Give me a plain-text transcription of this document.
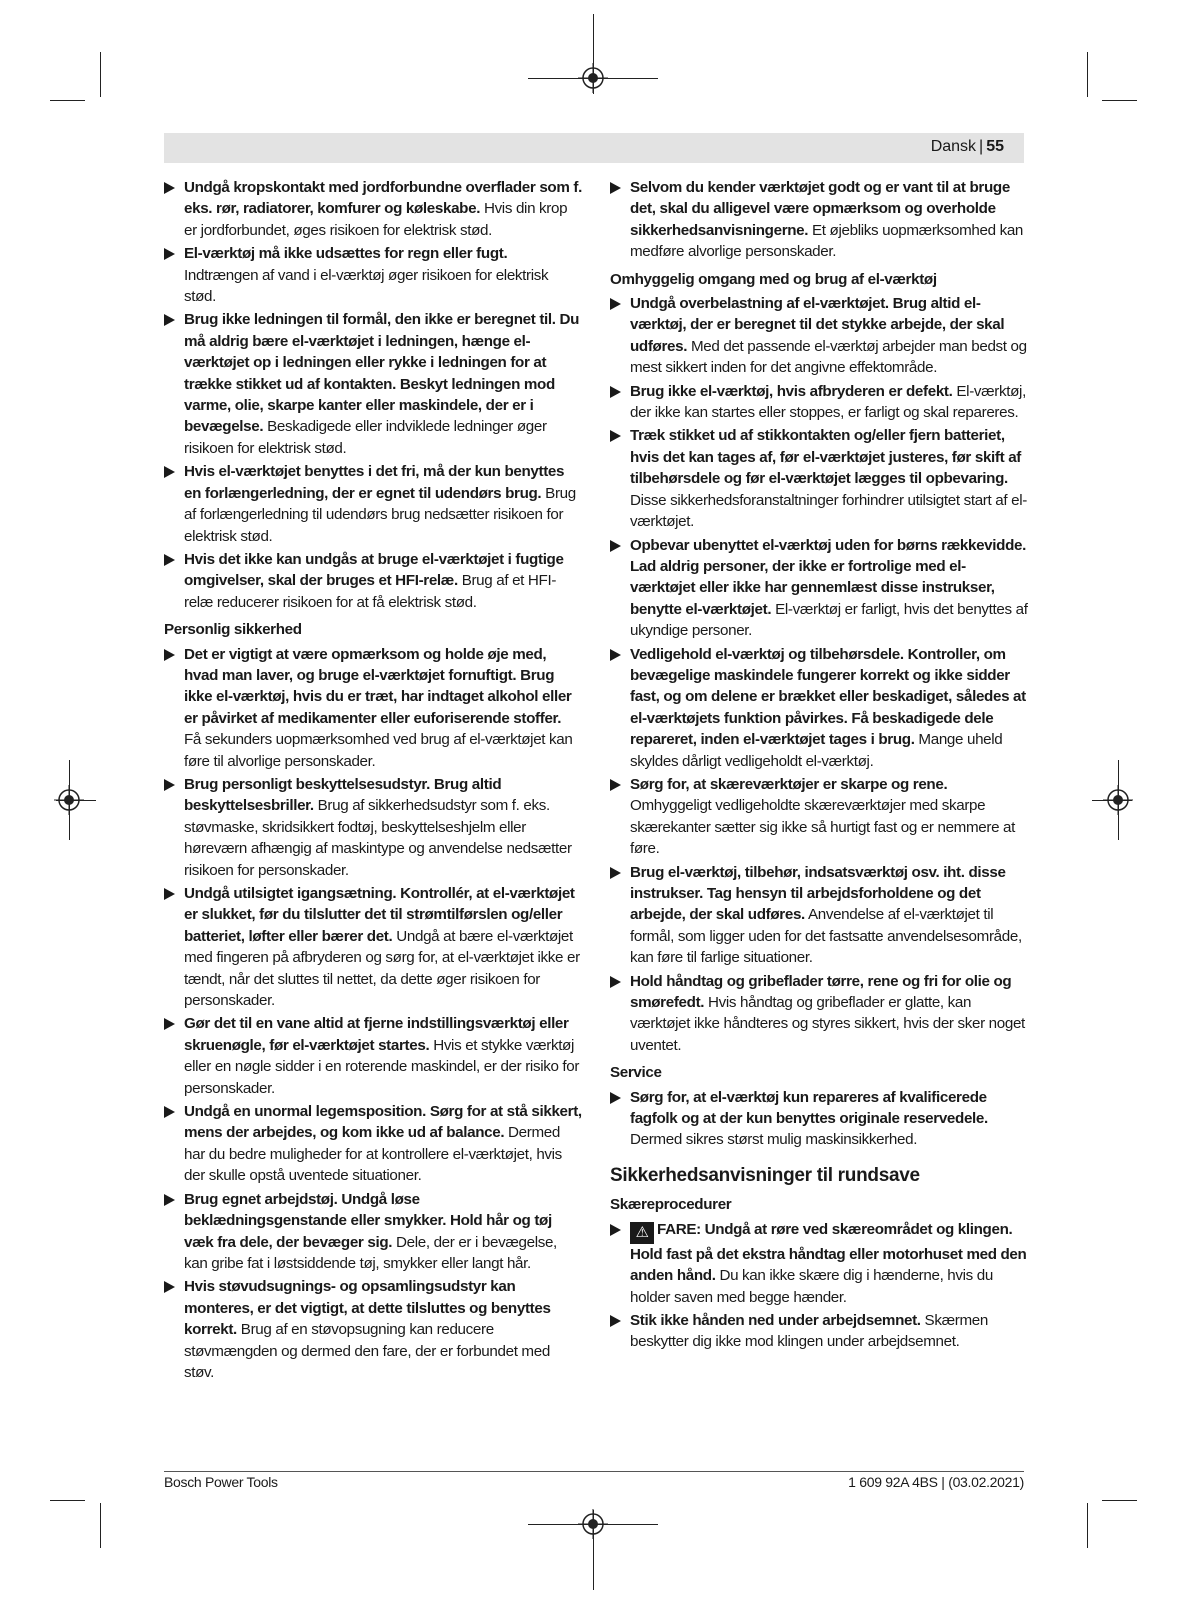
Dansk | 55
Undgå kropskontakt med jordforbundne overflader som f. eks. rør, radiatorer, komfurer og køleskabe. Hvis din krop er jordforbundet, øges risikoen for elektrisk stød.
El-værktøj må ikke udsættes for regn eller fugt. Indtrængen af vand i el-værktøj øger risikoen for elektrisk stød.
Brug ikke ledningen til formål, den ikke er beregnet til. Du må aldrig bære el-værktøjet i ledningen, hænge el-værktøjet op i ledningen eller rykke i ledningen for at trække stikket ud af kontakten. Beskyt ledningen mod varme, olie, skarpe kanter eller maskindele, der er i bevægelse. Beskadigede eller indviklede ledninger øger risikoen for elektrisk stød.
Hvis el-værktøjet benyttes i det fri, må der kun benyttes en forlængerledning, der er egnet til udendørs brug. Brug af forlængerledning til udendørs brug nedsætter risikoen for elektrisk stød.
Hvis det ikke kan undgås at bruge el-værktøjet i fugtige omgivelser, skal der bruges et HFI-relæ. Brug af et HFI-relæ reducerer risikoen for at få elektrisk stød.
Personlig sikkerhed
Det er vigtigt at være opmærksom og holde øje med, hvad man laver, og bruge el-værktøjet fornuftigt. Brug ikke el-værktøj, hvis du er træt, har indtaget alkohol eller er påvirket af medikamenter eller euforiserende stoffer. Få sekunders uopmærksomhed ved brug af el-værktøjet kan føre til alvorlige personskader.
Brug personligt beskyttelsesudstyr. Brug altid beskyttelsesbriller. Brug af sikkerhedsudstyr som f. eks. støvmaske, skridsikkert fodtøj, beskyttelseshjelm eller høreværn afhængig af maskintype og anvendelse nedsætter risikoen for personskader.
Undgå utilsigtet igangsætning. Kontrollér, at el-værktøjet er slukket, før du tilslutter det til strømtilførslen og/eller batteriet, løfter eller bærer det. Undgå at bære el-værktøjet med fingeren på afbryderen og sørg for, at el-værktøjet ikke er tændt, når det sluttes til nettet, da dette øger risikoen for personskader.
Gør det til en vane altid at fjerne indstillingsværktøj eller skruenøgle, før el-værktøjet startes. Hvis et stykke værktøj eller en nøgle sidder i en roterende maskindel, er der risiko for personskader.
Undgå en unormal legemsposition. Sørg for at stå sikkert, mens der arbejdes, og kom ikke ud af balance. Dermed har du bedre muligheder for at kontrollere el-værktøjet, hvis der skulle opstå uventede situationer.
Brug egnet arbejdstøj. Undgå løse beklædningsgenstande eller smykker. Hold hår og tøj væk fra dele, der bevæger sig. Dele, der er i bevægelse, kan gribe fat i løstsiddende tøj, smykker eller langt hår.
Hvis støvudsugnings- og opsamlingsudstyr kan monteres, er det vigtigt, at dette tilsluttes og benyttes korrekt. Brug af en støvopsugning kan reducere støvmængden og dermed den fare, der er forbundet med støv.
Selvom du kender værktøjet godt og er vant til at bruge det, skal du alligevel være opmærksom og overholde sikkerhedsanvisningerne. Et øjebliks uopmærksomhed kan medføre alvorlige personskader.
Omhyggelig omgang med og brug af el-værktøj
Undgå overbelastning af el-værktøjet. Brug altid el-værktøj, der er beregnet til det stykke arbejde, der skal udføres. Med det passende el-værktøj arbejder man bedst og mest sikkert inden for det angivne effektområde.
Brug ikke el-værktøj, hvis afbryderen er defekt. El-værktøj, der ikke kan startes eller stoppes, er farligt og skal repareres.
Træk stikket ud af stikkontakten og/eller fjern batteriet, hvis det kan tages af, før el-værktøjet justeres, før skift af tilbehørsdele og før el-værktøjet lægges til opbevaring. Disse sikkerhedsforanstaltninger forhindrer utilsigtet start af el-værktøjet.
Opbevar ubenyttet el-værktøj uden for børns rækkevidde. Lad aldrig personer, der ikke er fortrolige med el-værktøjet eller ikke har gennemlæst disse instrukser, benytte el-værktøjet. El-værktøj er farligt, hvis det benyttes af ukyndige personer.
Vedligehold el-værktøj og tilbehørsdele. Kontroller, om bevægelige maskindele fungerer korrekt og ikke sidder fast, og om delene er brækket eller beskadiget, således at el-værktøjets funktion påvirkes. Få beskadigede dele repareret, inden el-værktøjet tages i brug. Mange uheld skyldes dårligt vedligeholdt el-værktøj.
Sørg for, at skæreværktøjer er skarpe og rene. Omhyggeligt vedligeholdte skæreværktøjer med skarpe skærekanter sætter sig ikke så hurtigt fast og er nemmere at føre.
Brug el-værktøj, tilbehør, indsatsværktøj osv. iht. disse instrukser. Tag hensyn til arbejdsforholdene og det arbejde, der skal udføres. Anvendelse af el-værktøjet til formål, som ligger uden for det fastsatte anvendelsesområde, kan føre til farlige situationer.
Hold håndtag og gribeflader tørre, rene og fri for olie og smørefedt. Hvis håndtag og gribeflader er glatte, kan værktøjet ikke håndteres og styres sikkert, hvis der sker noget uventet.
Service
Sørg for, at el-værktøj kun repareres af kvalificerede fagfolk og at der kun benyttes originale reservedele. Dermed sikres størst mulig maskinsikkerhed.
Sikkerhedsanvisninger til rundsave
Skæreprocedurer
⚠ FARE: Undgå at røre ved skæreområdet og klingen. Hold fast på det ekstra håndtag eller motorhuset med den anden hånd. Du kan ikke skære dig i hænderne, hvis du holder saven med begge hænder.
Stik ikke hånden ned under arbejdsemnet. Skærmen beskytter dig ikke mod klingen under arbejdsemnet.
Bosch Power Tools	1 609 92A 4BS | (03.02.2021)
